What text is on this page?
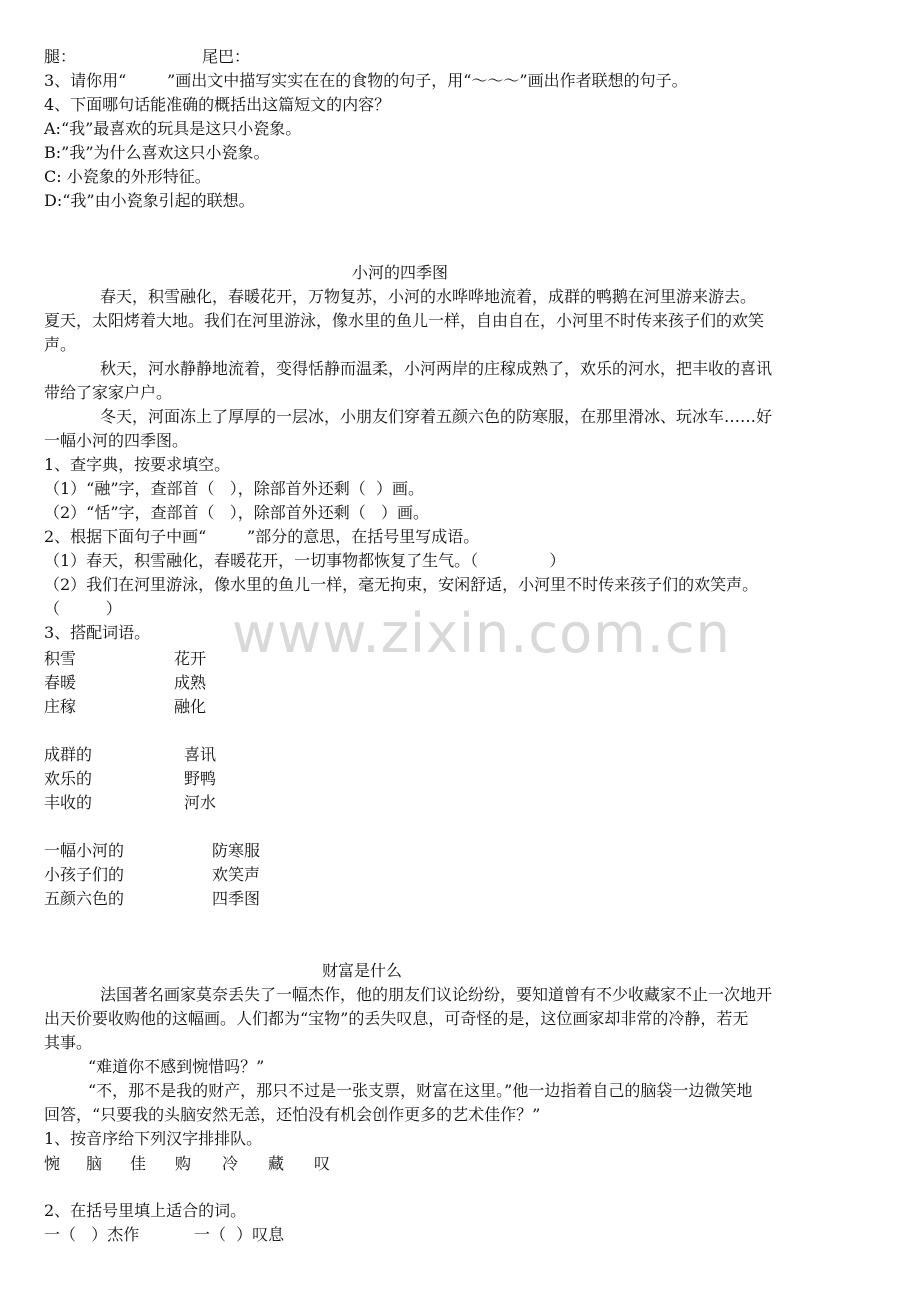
腿：	尾巴：
3、请你用“        ”画出文中描写实实在在的食物的句子，用“～～～”画出作者联想的句子。
4、下面哪句话能准确的概括出这篇短文的内容？
A:“我”最喜欢的玩具是这只小瓷象。
B:”我”为什么喜欢这只小瓷象。
C: 小瓷象的外形特征。
D:“我”由小瓷象引起的联想。
小河的四季图
春天，积雪融化，春暖花开，万物复苏，小河的水哗哗地流着，成群的鸭鹅在河里游来游去。
夏天，太阳烤着大地。我们在河里游泳，像水里的鱼儿一样，自由自在，小河里不时传来孩子们的欢笑
声。
秋天，河水静静地流着，变得恬静而温柔，小河两岸的庄稼成熟了，欢乐的河水，把丰收的喜讯
带给了家家户户。
冬天，河面冻上了厚厚的一层冰，小朋友们穿着五颜六色的防寒服，在那里滑冰、玩冰车……好
一幅小河的四季图。
1、查字典，按要求填空。
（1）“融”字，查部首（   ），除部首外还剩（  ）画。
（2）“恬”字，查部首（   ），除部首外还剩（   ）画。
2、根据下面句子中画“        ”部分的意思，在括号里写成语。
（1）春天，积雪融化，春暖花开，一切事物都恢复了生气。（              ）
（2）我们在河里游泳，像水里的鱼儿一样，毫无拘束，安闲舒适，小河里不时传来孩子们的欢笑声。
（         ）
3、搭配词语。
积雪	花开
春暖	成熟
庄稼	融化
成群的	喜讯
欢乐的	野鸭
丰收的	河水
一幅小河的	防寒服
小孩子们的	欢笑声
五颜六色的	四季图
www.zixin.com.cn
财富是什么
法国著名画家莫奈丢失了一幅杰作，他的朋友们议论纷纷，要知道曾有不少收藏家不止一次地开
出天价要收购他的这幅画。人们都为“宝物”的丢失叹息，可奇怪的是，这位画家却非常的冷静，若无
其事。
“难道你不感到惋惜吗？”
“不，那不是我的财产，那只不过是一张支票，财富在这里。”他一边指着自己的脑袋一边微笑地
回答，“只要我的头脑安然无恙，还怕没有机会创作更多的艺术佳作？”
1、按音序给下列汉字排排队。
惋 脑 佳 购 冷 藏 叹
2、在括号里填上适合的词。
一（   ）杰作	一（  ）叹息
